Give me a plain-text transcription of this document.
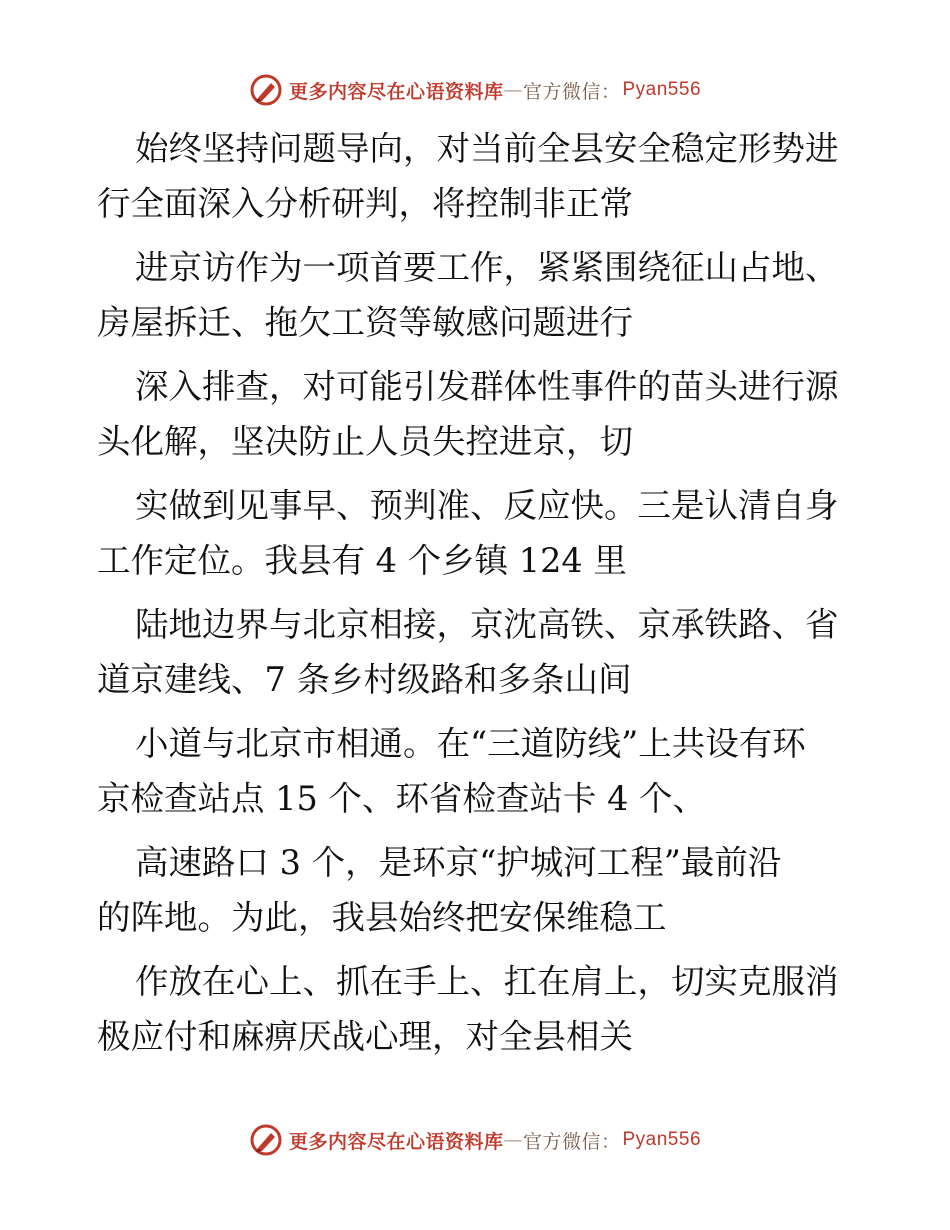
更多内容尽在心语资料库 — 官方微信： Pyan556

始终坚持问题导向，对当前全县安全稳定形势进
行全面深入分析研判，将控制非正常

进京访作为一项首要工作，紧紧围绕征山占地、
房屋拆迁、拖欠工资等敏感问题进行

深入排查，对可能引发群体性事件的苗头进行源
头化解，坚决防止人员失控进京，切

实做到见事早、预判准、反应快。三是认清自身
工作定位。我县有 4 个乡镇 124 里

陆地边界与北京相接，京沈高铁、京承铁路、省
道京建线、7 条乡村级路和多条山间

小道与北京市相通。在“三道防线”上共设有环
京检查站点 15 个、环省检查站卡 4 个、

高速路口 3 个，是环京“护城河工程”最前沿
的阵地。为此，我县始终把安保维稳工

作放在心上、抓在手上、扛在肩上，切实克服消
极应付和麻痹厌战心理，对全县相关

更多内容尽在心语资料库 — 官方微信： Pyan556
